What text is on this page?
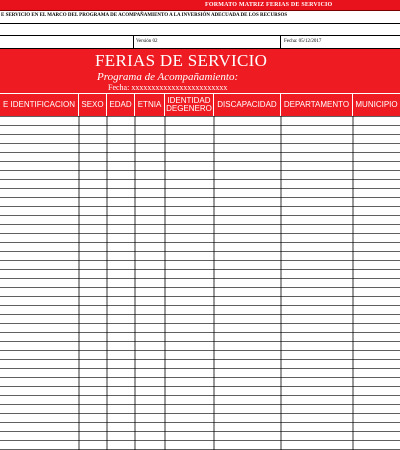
FORMATO MATRIZ FERIAS DE SERVICIO
E SERVICIO EN EL MARCO DEL PROGRAMA DE ACOMPAÑAMIENTO A LA INVERSIÓN ADECUADA DE LOS RECURSOS
Versión 02	Fecha: 05/12/2017
FERIAS DE SERVICIO
Programa de Acompañamiento:
Fecha: xxxxxxxxxxxxxxxxxxxxxxxx
E IDENTIFICACION SEXO EDAD ETNIA IDENTIDAD
DEGENERO DISCAPACIDAD DEPARTAMENTO MUNICIPIO
